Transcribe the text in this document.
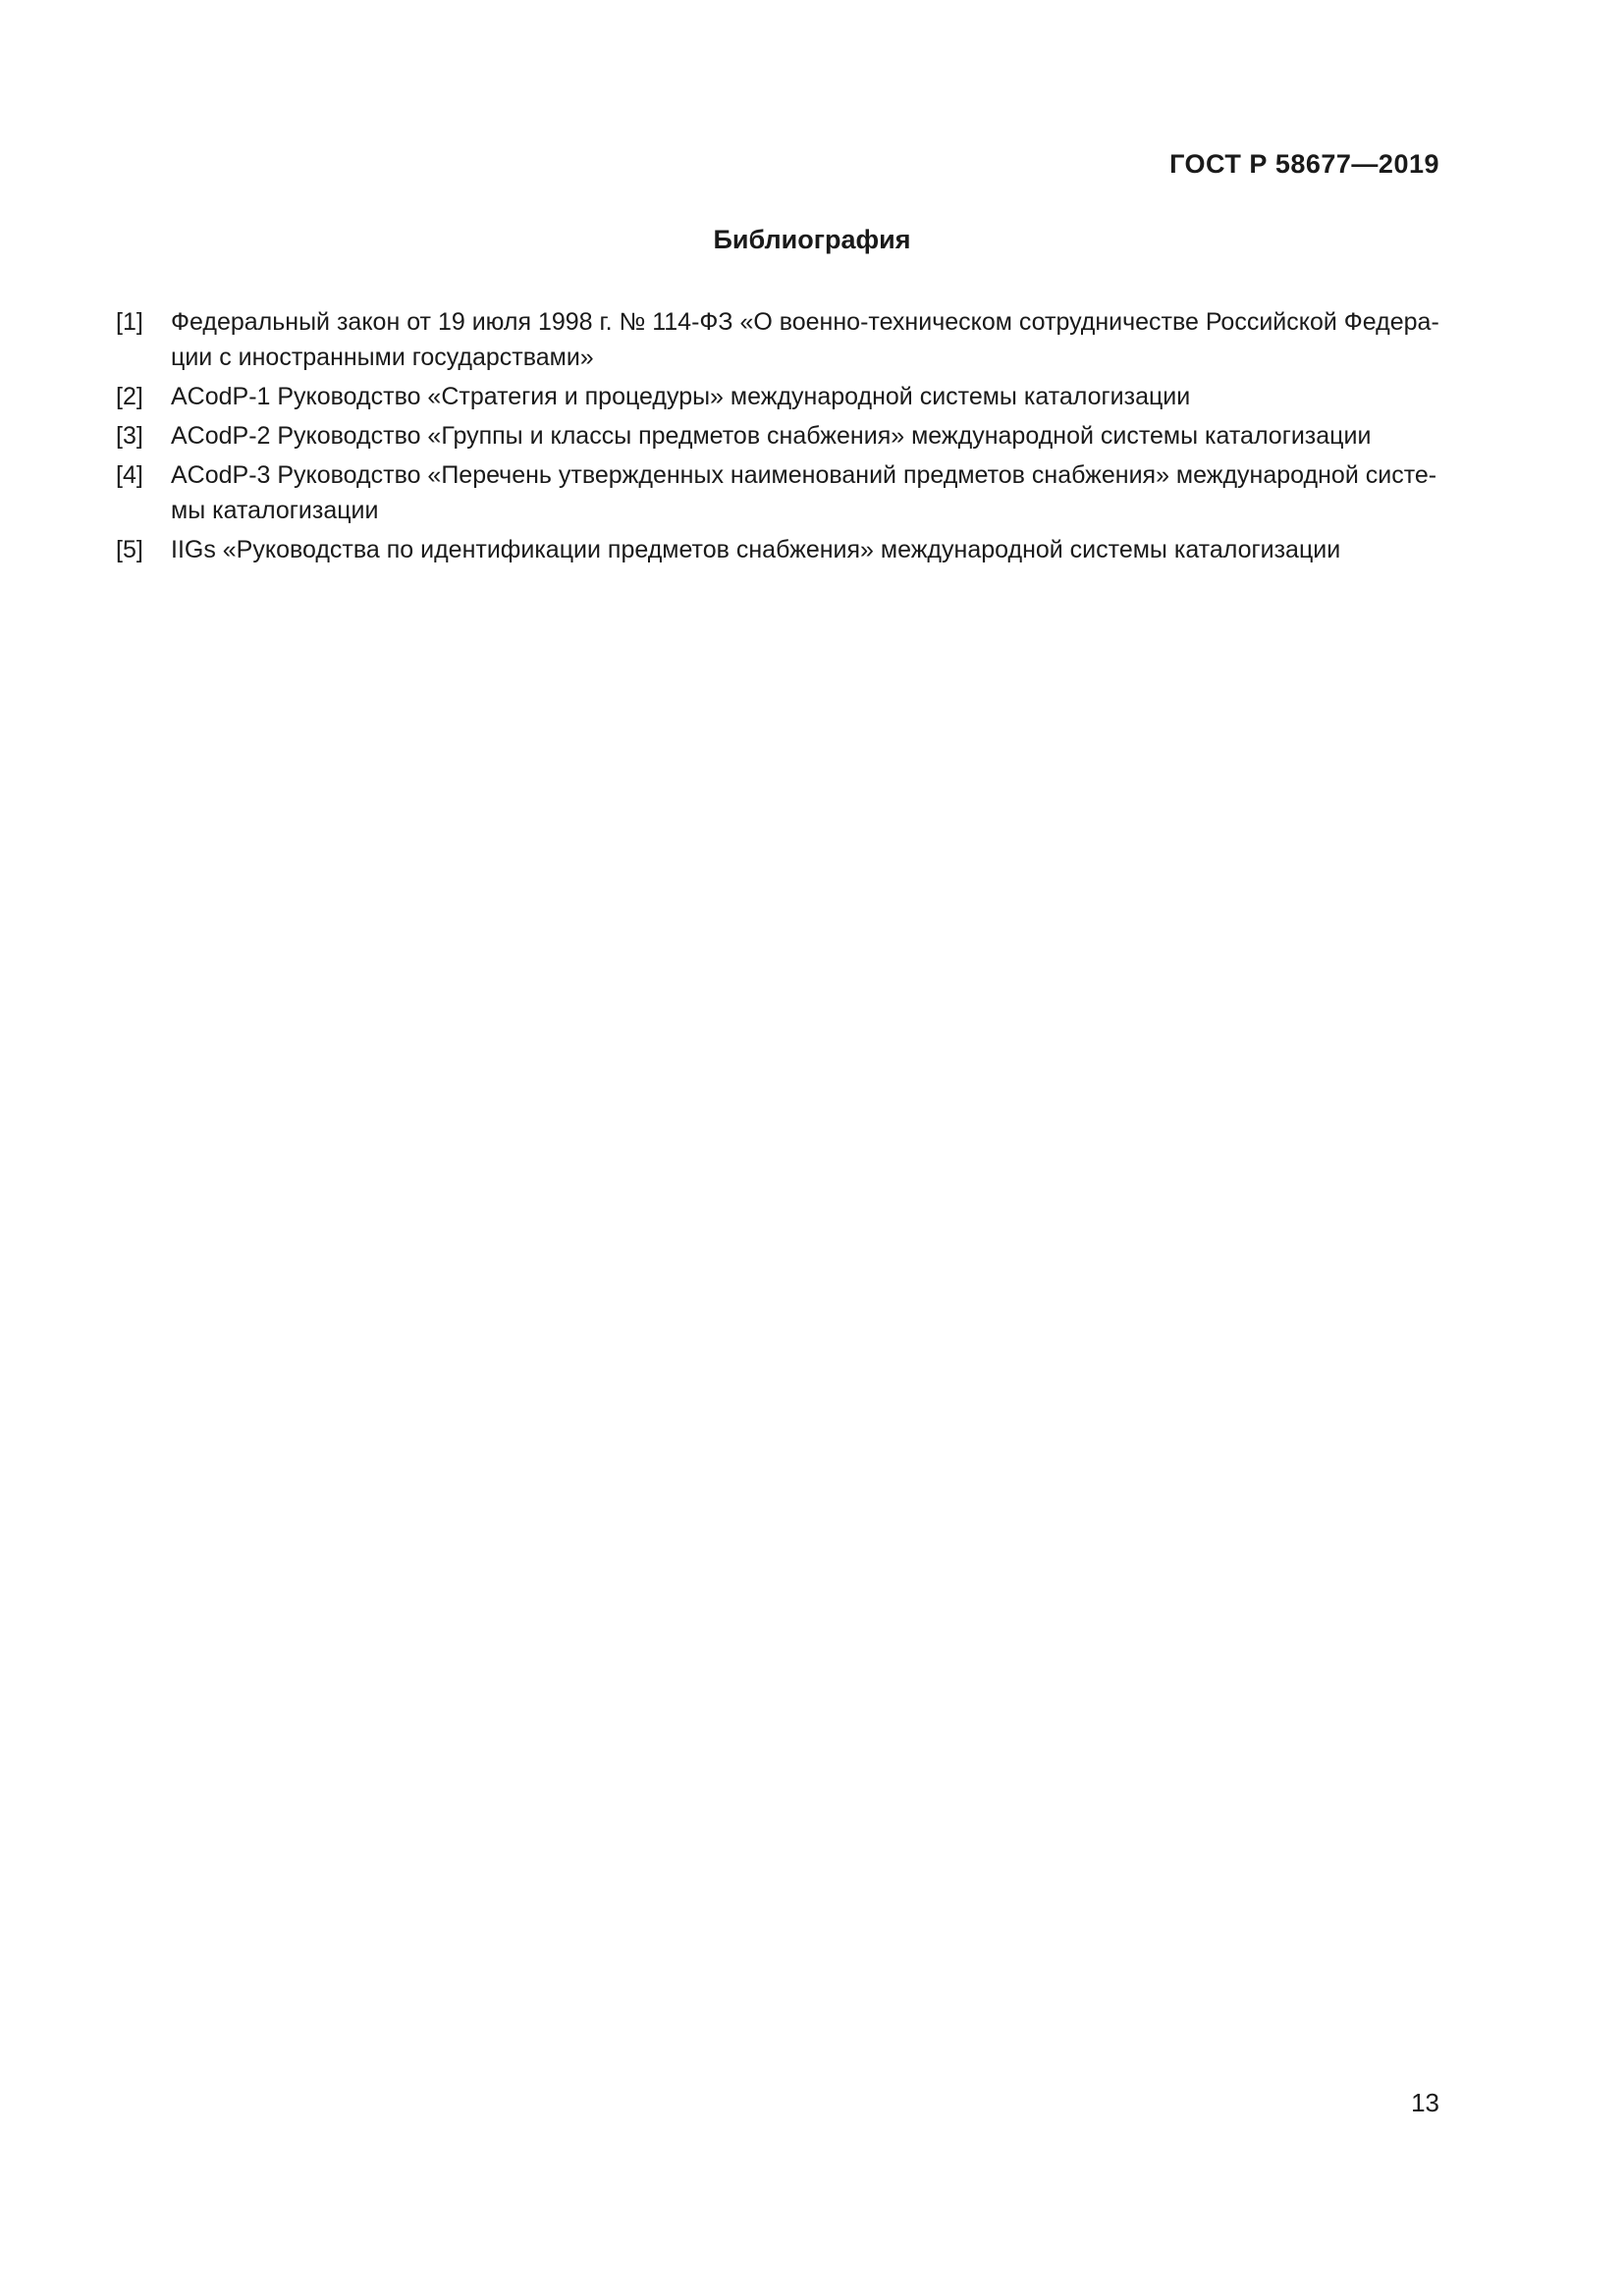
ГОСТ Р 58677—2019
Библиография
[1]	Федеральный закон от 19 июля 1998 г. № 114-ФЗ «О военно-техническом сотрудничестве Российской Федера-
ции с иностранными государствами»
[2]	ACodP-1 Руководство «Стратегия и процедуры» международной системы каталогизации
[3]	ACodP-2 Руководство «Группы и классы предметов снабжения» международной системы каталогизации
[4]	ACodP-3 Руководство «Перечень утвержденных наименований предметов снабжения» международной систе-
мы каталогизации
[5]	IIGs «Руководства по идентификации предметов снабжения» международной системы каталогизации
13
